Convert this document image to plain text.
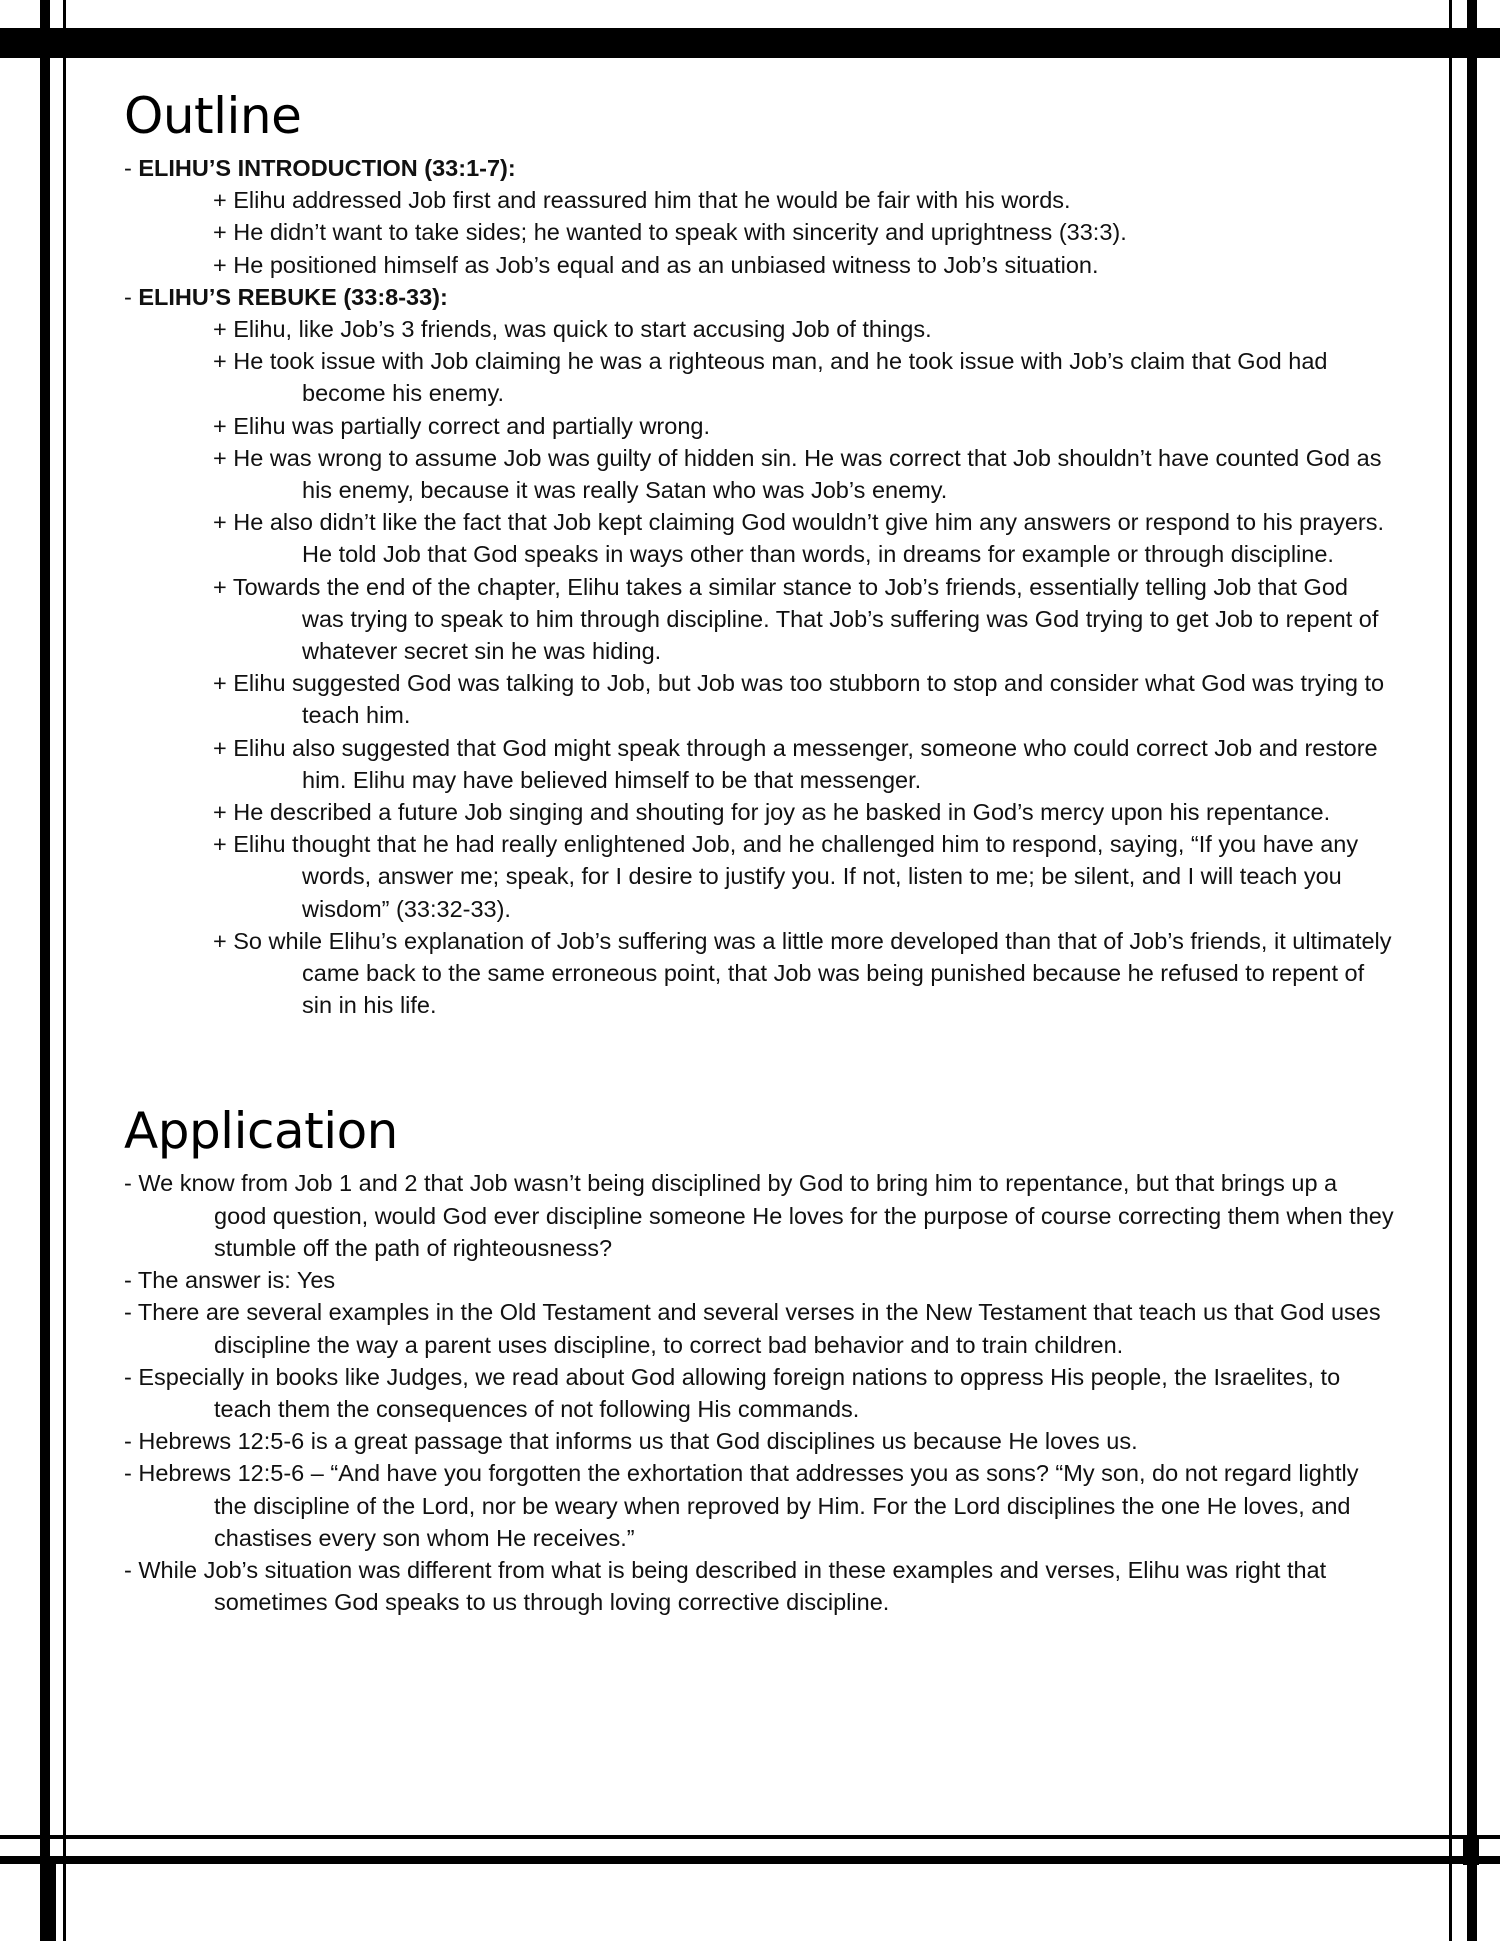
Outline

- ELIHU’S INTRODUCTION (33:1-7):

+ Elihu addressed Job first and reassured him that he would be fair with his words.

+ He didn’t want to take sides; he wanted to speak with sincerity and uprightness (33:3).

+ He positioned himself as Job’s equal and as an unbiased witness to Job’s situation.

- ELIHU’S REBUKE (33:8-33):

+ Elihu, like Job’s 3 friends, was quick to start accusing Job of things.

+ He took issue with Job claiming he was a righteous man, and he took issue with Job’s claim that God had become his enemy.

+ Elihu was partially correct and partially wrong.

+ He was wrong to assume Job was guilty of hidden sin. He was correct that Job shouldn’t have counted God as his enemy, because it was really Satan who was Job’s enemy.

+ He also didn’t like the fact that Job kept claiming God wouldn’t give him any answers or respond to his prayers. He told Job that God speaks in ways other than words, in dreams for example or through discipline.

+ Towards the end of the chapter, Elihu takes a similar stance to Job’s friends, essentially telling Job that God was trying to speak to him through discipline. That Job’s suffering was God trying to get Job to repent of whatever secret sin he was hiding.

+ Elihu suggested God was talking to Job, but Job was too stubborn to stop and consider what God was trying to teach him.

+ Elihu also suggested that God might speak through a messenger, someone who could correct Job and restore him. Elihu may have believed himself to be that messenger.

+ He described a future Job singing and shouting for joy as he basked in God’s mercy upon his repentance.

+ Elihu thought that he had really enlightened Job, and he challenged him to respond, saying, “If you have any words, answer me; speak, for I desire to justify you. If not, listen to me; be silent, and I will teach you wisdom” (33:32-33).

+ So while Elihu’s explanation of Job’s suffering was a little more developed than that of Job’s friends, it ultimately came back to the same erroneous point, that Job was being punished because he refused to repent of sin in his life.

Application

- We know from Job 1 and 2 that Job wasn’t being disciplined by God to bring him to repentance, but that brings up a good question, would God ever discipline someone He loves for the purpose of course correcting them when they stumble off the path of righteousness?

- The answer is: Yes

- There are several examples in the Old Testament and several verses in the New Testament that teach us that God uses discipline the way a parent uses discipline, to correct bad behavior and to train children.

- Especially in books like Judges, we read about God allowing foreign nations to oppress His people, the Israelites, to teach them the consequences of not following His commands.

- Hebrews 12:5-6 is a great passage that informs us that God disciplines us because He loves us.

- Hebrews 12:5-6 – “And have you forgotten the exhortation that addresses you as sons? “My son, do not regard lightly the discipline of the Lord, nor be weary when reproved by Him. For the Lord disciplines the one He loves, and chastises every son whom He receives.”

- While Job’s situation was different from what is being described in these examples and verses, Elihu was right that sometimes God speaks to us through loving corrective discipline.
